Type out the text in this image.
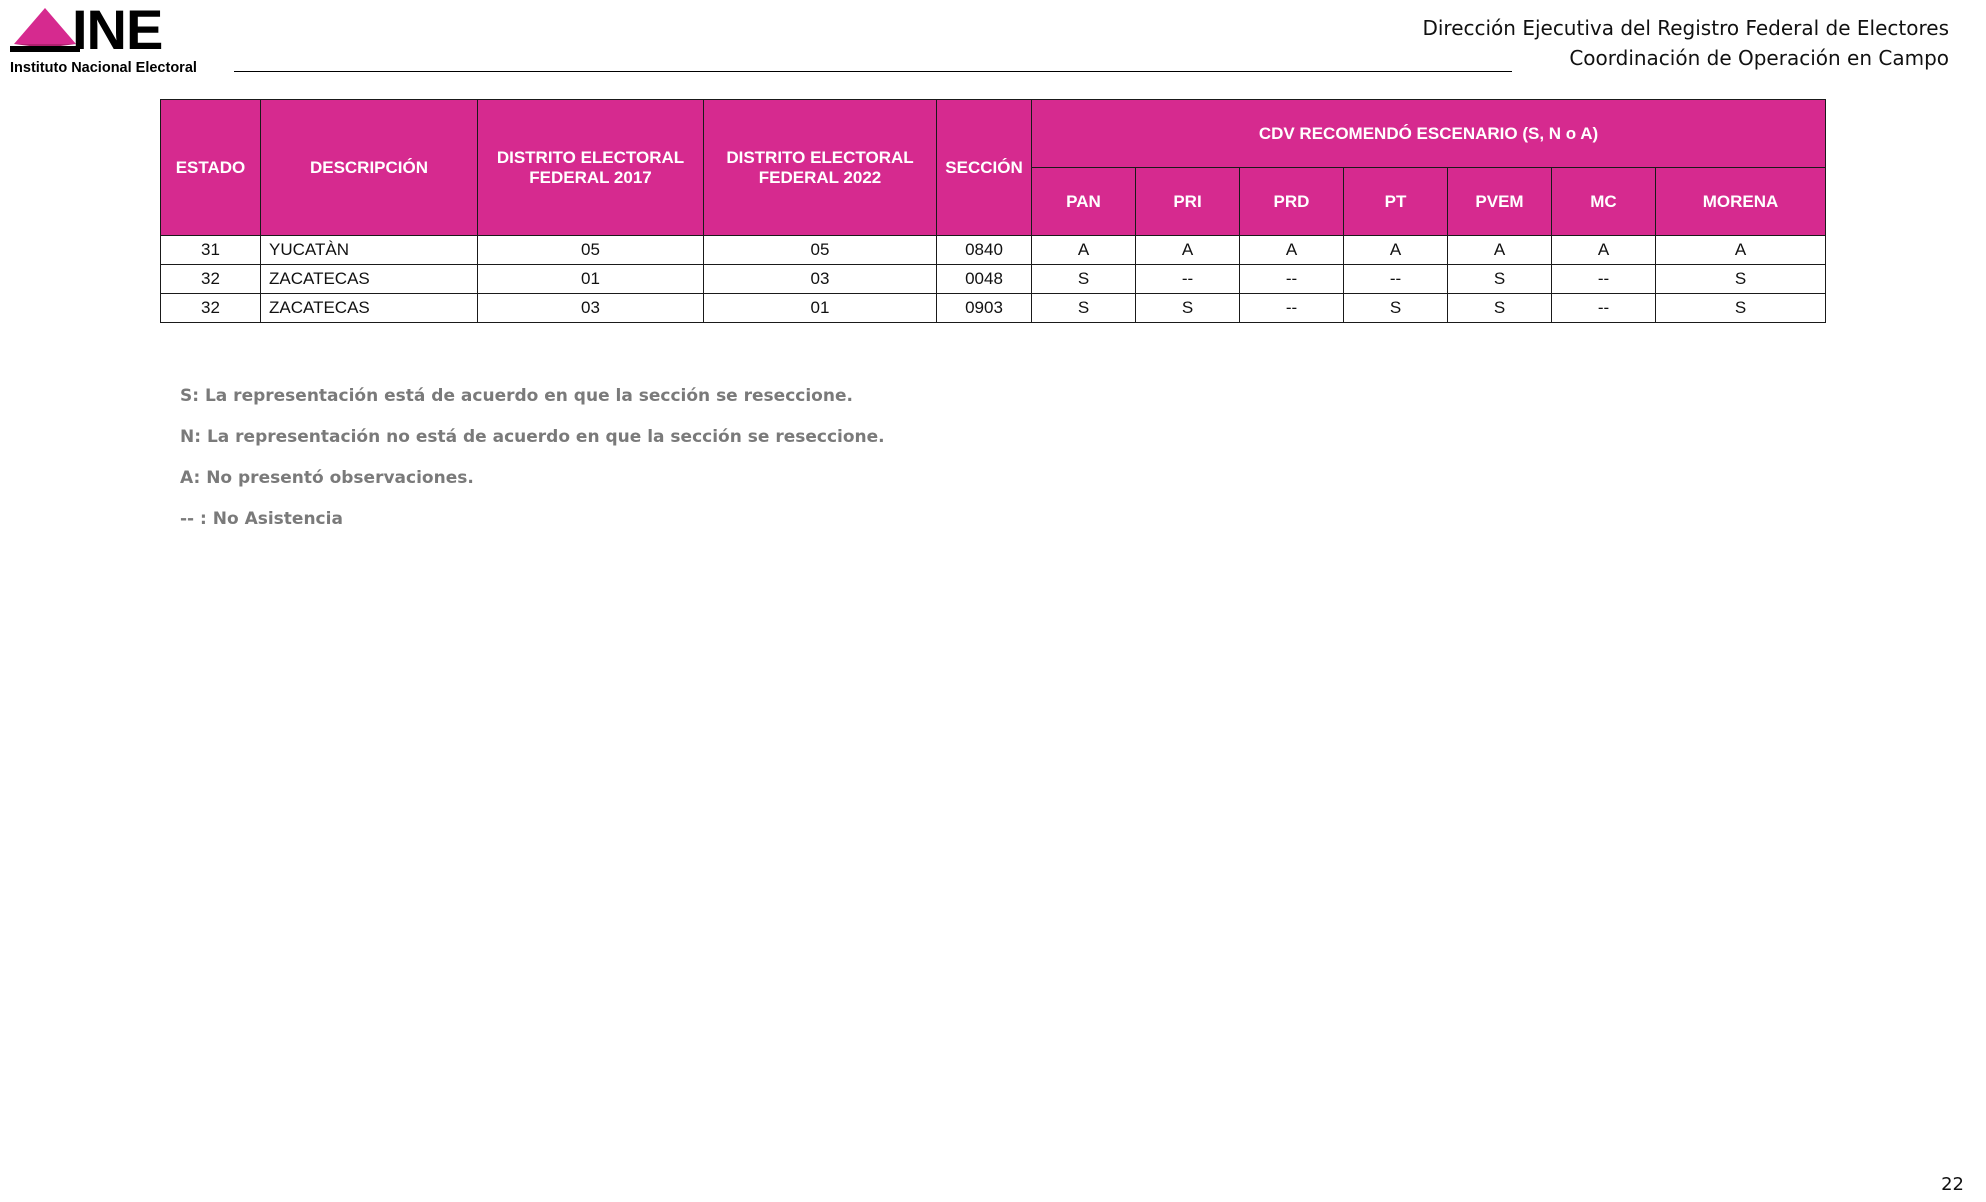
INE
Instituto Nacional Electoral
Dirección Ejecutiva del Registro Federal de Electores
Coordinación de Operación en Campo
ESTADO	DESCRIPCIÓN	DISTRITO ELECTORAL FEDERAL 2017	DISTRITO ELECTORAL FEDERAL 2022	SECCIÓN	CDV RECOMENDÓ ESCENARIO (S, N o A)						
					PAN	PRI	PRD	PT	PVEM	MC	MORENA
31	YUCATÀN	05	05	0840	A	A	A	A	A	A	A
32	ZACATECAS	01	03	0048	S	--	--	--	S	--	S
32	ZACATECAS	03	01	0903	S	S	--	S	S	--	S
S: La representación está de acuerdo en que la sección se reseccione.
N: La representación no está de acuerdo en que la sección se reseccione.
A: No presentó observaciones.
-- : No Asistencia
22
